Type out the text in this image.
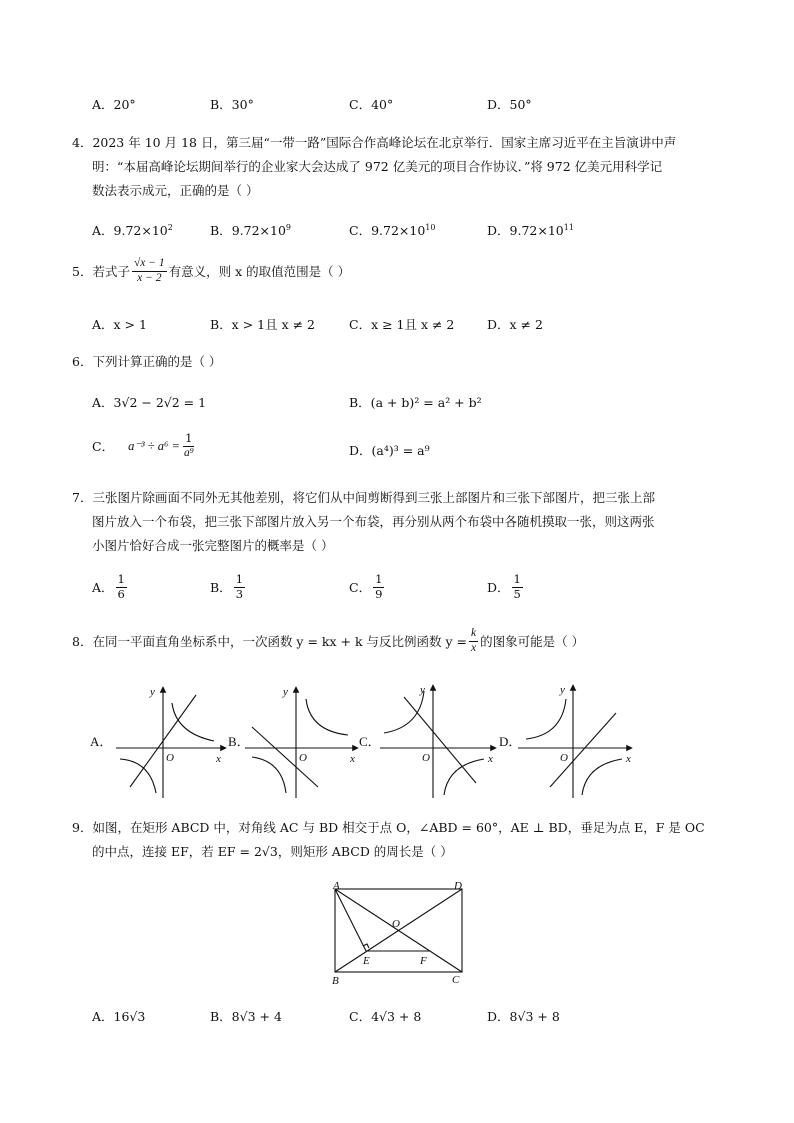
A．20°	B．30°	C．40°	D．50°
4．2023 年 10 月 18 日，第三届“一带一路”国际合作高峰论坛在北京举行．国家主席习近平在主旨演讲中声
明：“本届高峰论坛期间举行的企业家大会达成了 972 亿美元的项目合作协议．”将 972 亿美元用科学记
数法表示成元，正确的是（ ）
A．$9.72\times 10^2$	B．$9.72\times 10^9$	C．$9.72\times 10^{10}$	D．$9.72\times 10^{11}$
5．若式子 $\frac{√x - 1}{x - 2}$ 有意义，则 x 的取值范围是（ ）
A．x > 1	B．x > 1且 x ≠ 2	C．x ≥ 1且 x ≠ 2	D．x ≠ 2
6．下列计算正确的是（ ）
A．3√2 − 2√2 = 1	B．(a + b)² = a² + b²
C． $a^{-3} \div a^6 = \frac{1}{\text{a⁹}}$	D．(a⁴)³ = a⁹
7．三张图片除画面不同外无其他差别，将它们从中间剪断得到三张上部图片和三张下部图片，把三张上部
图片放入一个布袋，把三张下部图片放入另一个布袋，再分别从两个布袋中各随机摸取一张，则这两张
小图片恰好合成一张完整图片的概率是（ ）
A． $\frac{1}{6}$	B． $\frac{1}{3}$	C． $\frac{1}{9}$	D． $\frac{1}{5}$
8．在同一平面直角坐标系中，一次函数 y = kx + k 与反比例函数 $y = \frac{k}{x}$ 的图象可能是（ ）
A．
y
x
O
B．
y
x
O
C．
y
x
O
D．
y
x
O
9．如图，在矩形 ABCD 中，对角线 AC 与 BD 相交于点 O，∠ABD = 60°，AE ⊥ BD，垂足为点 E，F 是 OC
的中点，连接 EF，若 EF = 2√3，则矩形 ABCD 的周长是（ ）
A	D
B	C
O
E	F
A．16√3	B．8√3 + 4	C．4√3 + 8	D．8√3 + 8
